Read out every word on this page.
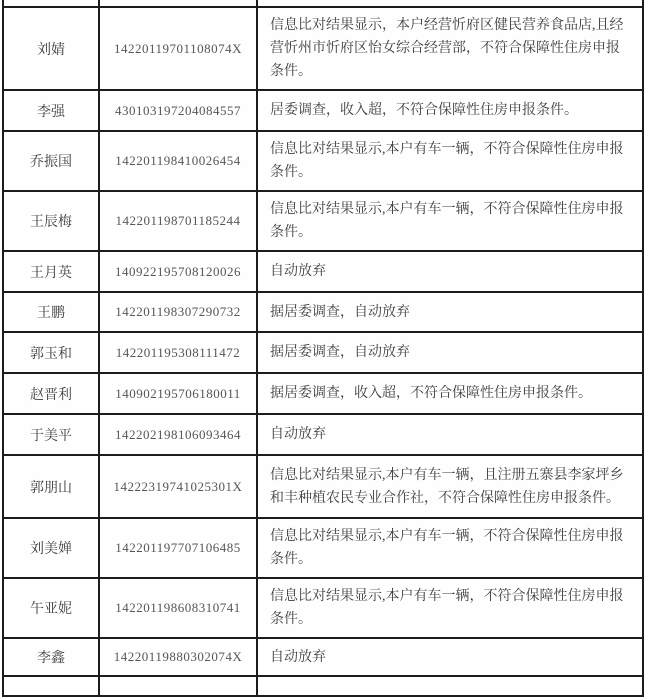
刘婧	14220119701108074X	信息比对结果显示，本户经营忻府区健民营养食品店,且经营忻州市忻府区怡女综合经营部，不符合保障性住房申报条件。
李强	430103197204084557	居委调查，收入超，不符合保障性住房申报条件。
乔振国	142201198410026454	信息比对结果显示,本户有车一辆，不符合保障性住房申报条件。
王辰梅	142201198701185244	信息比对结果显示,本户有车一辆，不符合保障性住房申报条件。
王月英	140922195708120026	自动放弃
王鹏	142201198307290732	据居委调查，自动放弃
郭玉和	142201195308111472	据居委调查，自动放弃
赵晋利	140902195706180011	据居委调查，收入超，不符合保障性住房申报条件。
于美平	142202198106093464	自动放弃
郭朋山	14222319741025301X	信息比对结果显示,本户有车一辆，且注册五寨县李家坪乡和丰种植农民专业合作社，不符合保障性住房申报条件。
刘美婵	142201197707106485	信息比对结果显示,本户有车一辆，不符合保障性住房申报条件。
午亚妮	142201198608310741	信息比对结果显示,本户有车一辆，不符合保障性住房申报条件。
李鑫	14220119880302074X	自动放弃
